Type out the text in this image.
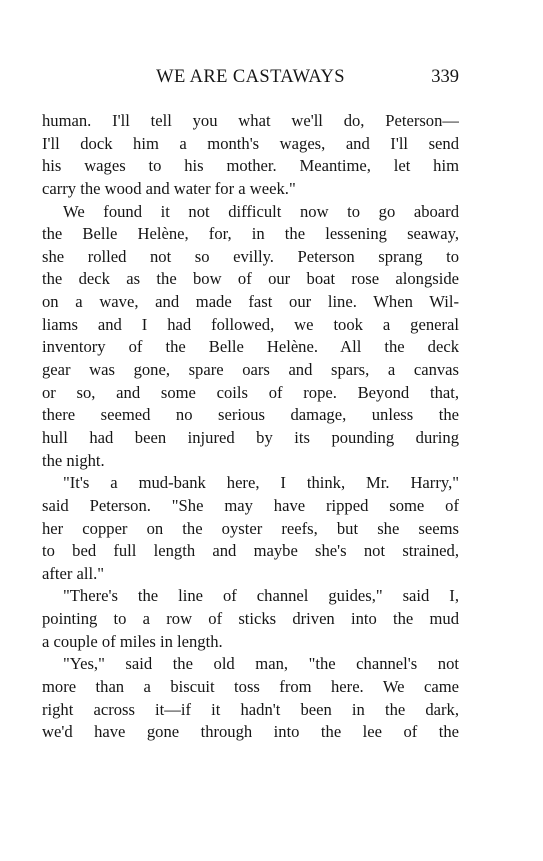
WE ARE CASTAWAYS	339
human. I'll tell you what we'll do, Peterson—
I'll dock him a month's wages, and I'll send
his wages to his mother. Meantime, let him
carry the wood and water for a week."
We found it not difficult now to go aboard
the Belle Helène, for, in the lessening seaway,
she rolled not so evilly. Peterson sprang to
the deck as the bow of our boat rose alongside
on a wave, and made fast our line. When Wil-
liams and I had followed, we took a general
inventory of the Belle Helène. All the deck
gear was gone, spare oars and spars, a canvas
or so, and some coils of rope. Beyond that,
there seemed no serious damage, unless the
hull had been injured by its pounding during
the night.
"It's a mud-bank here, I think, Mr. Harry,"
said Peterson. "She may have ripped some of
her copper on the oyster reefs, but she seems
to bed full length and maybe she's not strained,
after all."
"There's the line of channel guides," said I,
pointing to a row of sticks driven into the mud
a couple of miles in length.
"Yes," said the old man, "the channel's not
more than a biscuit toss from here. We came
right across it—if it hadn't been in the dark,
we'd have gone through into the lee of the
